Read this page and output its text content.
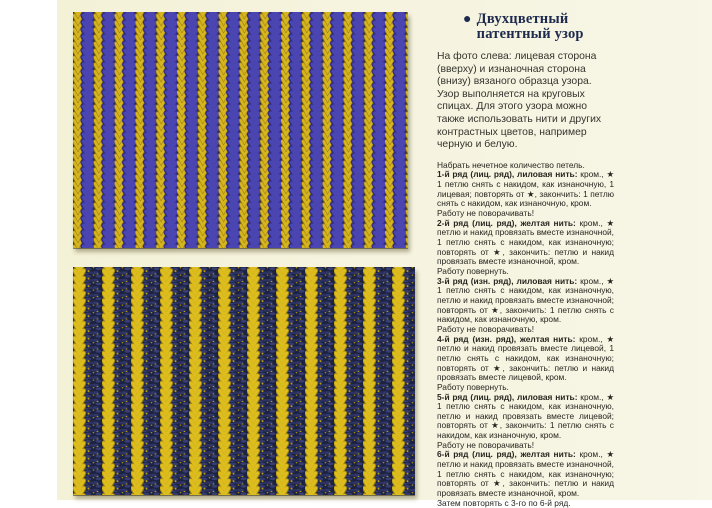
● Двухцветный
патентный узор
На фото слева: лицевая сторона (вверху) и изнаночная сторона (внизу) вязаного образца узора. Узор выполняется на круговых спицах. Для этого узора можно также использовать нити и других контрастных цветов, например черную и белую.

Набрать нечетное количество петель.

1-й ряд (лиц. ряд), лиловая нить: кром., ★ 1 петлю снять с накидом, как изнаночную, 1 лицевая; повторять от ★, закончить: 1 петлю снять с накидом, как изнаночную, кром.

Работу не поворачивать!

2-й ряд (лиц. ряд), желтая нить: кром., ★ петлю и накид провязать вместе изнаночной, 1 петлю снять с накидом, как изнаночную; повторять от ★, закончить: петлю и накид провязать вместе изнаночной, кром.

Работу повернуть.

3-й ряд (изн. ряд), лиловая нить: кром., ★ 1 петлю снять с накидом, как изнаночную, петлю и накид провязать вместе изнаночной; повторять от ★, закончить: 1 петлю снять с накидом, как изнаночную, кром.

Работу не поворачивать!

4-й ряд (изн. ряд), желтая нить: кром., ★ петлю и накид провязать вместе лицевой, 1 петлю снять с накидом, как изнаночную; повторять от ★, закончить: петлю и накид провязать вместе лицевой, кром.

Работу повернуть.

5-й ряд (лиц. ряд), лиловая нить: кром., ★ 1 петлю снять с накидом, как изнаночную, петлю и накид провязать вместе лицевой; повторять от ★, закончить: 1 петлю снять с накидом, как изнаночную, кром.

Работу не поворачивать!

6-й ряд (лиц. ряд), желтая нить: кром., ★ петлю и накид провязать вместе изнаночной, 1 петлю снять с накидом, как изнаночную; повторять от ★, закончить: петлю и накид провязать вместе изнаночной, кром.

Затем повторять с 3-го по 6-й ряд.
